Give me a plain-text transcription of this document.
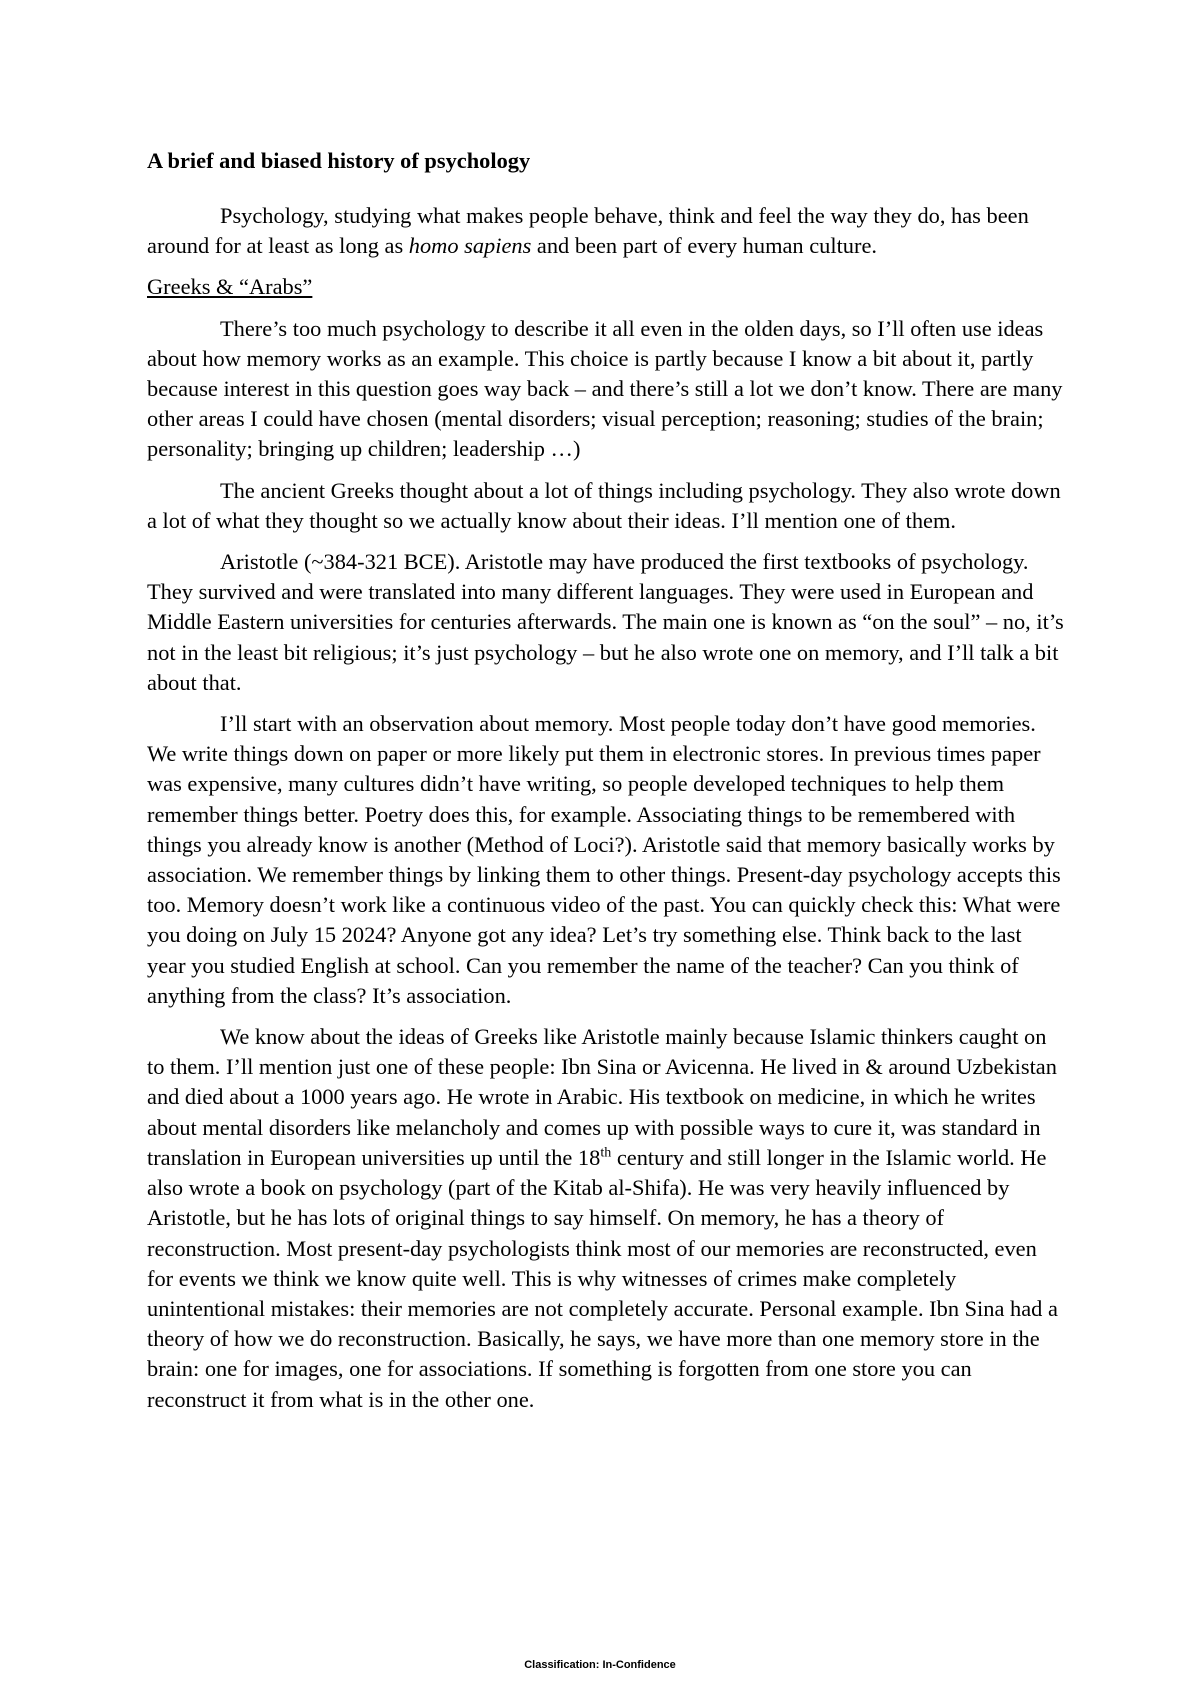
A brief and biased history of psychology

Psychology, studying what makes people behave, think and feel the way they do, has been around for at least as long as homo sapiens and been part of every human culture.

Greeks & “Arabs”

There’s too much psychology to describe it all even in the olden days, so I’ll often use ideas about how memory works as an example. This choice is partly because I know a bit about it, partly because interest in this question goes way back – and there’s still a lot we don’t know. There are many other areas I could have chosen (mental disorders; visual perception; reasoning; studies of the brain; personality; bringing up children; leadership …)

The ancient Greeks thought about a lot of things including psychology. They also wrote down a lot of what they thought so we actually know about their ideas. I’ll mention one of them.

Aristotle (~384-321 BCE). Aristotle may have produced the first textbooks of psychology. They survived and were translated into many different languages. They were used in European and Middle Eastern universities for centuries afterwards. The main one is known as “on the soul” – no, it’s not in the least bit religious; it’s just psychology – but he also wrote one on memory, and I’ll talk a bit about that.

I’ll start with an observation about memory. Most people today don’t have good memories. We write things down on paper or more likely put them in electronic stores. In previous times paper was expensive, many cultures didn’t have writing, so people developed techniques to help them remember things better. Poetry does this, for example. Associating things to be remembered with things you already know is another (Method of Loci?). Aristotle said that memory basically works by association. We remember things by linking them to other things. Present-day psychology accepts this too. Memory doesn’t work like a continuous video of the past. You can quickly check this: What were you doing on July 15 2024? Anyone got any idea? Let’s try something else. Think back to the last year you studied English at school. Can you remember the name of the teacher? Can you think of anything from the class? It’s association.

We know about the ideas of Greeks like Aristotle mainly because Islamic thinkers caught on to them. I’ll mention just one of these people: Ibn Sina or Avicenna. He lived in & around Uzbekistan and died about a 1000 years ago. He wrote in Arabic. His textbook on medicine, in which he writes about mental disorders like melancholy and comes up with possible ways to cure it, was standard in translation in European universities up until the 18th century and still longer in the Islamic world. He also wrote a book on psychology (part of the Kitab al-Shifa). He was very heavily influenced by Aristotle, but he has lots of original things to say himself. On memory, he has a theory of reconstruction. Most present-day psychologists think most of our memories are reconstructed, even for events we think we know quite well. This is why witnesses of crimes make completely unintentional mistakes: their memories are not completely accurate. Personal example. Ibn Sina had a theory of how we do reconstruction. Basically, he says, we have more than one memory store in the brain: one for images, one for associations. If something is forgotten from one store you can reconstruct it from what is in the other one.

Classification: In-Confidence
